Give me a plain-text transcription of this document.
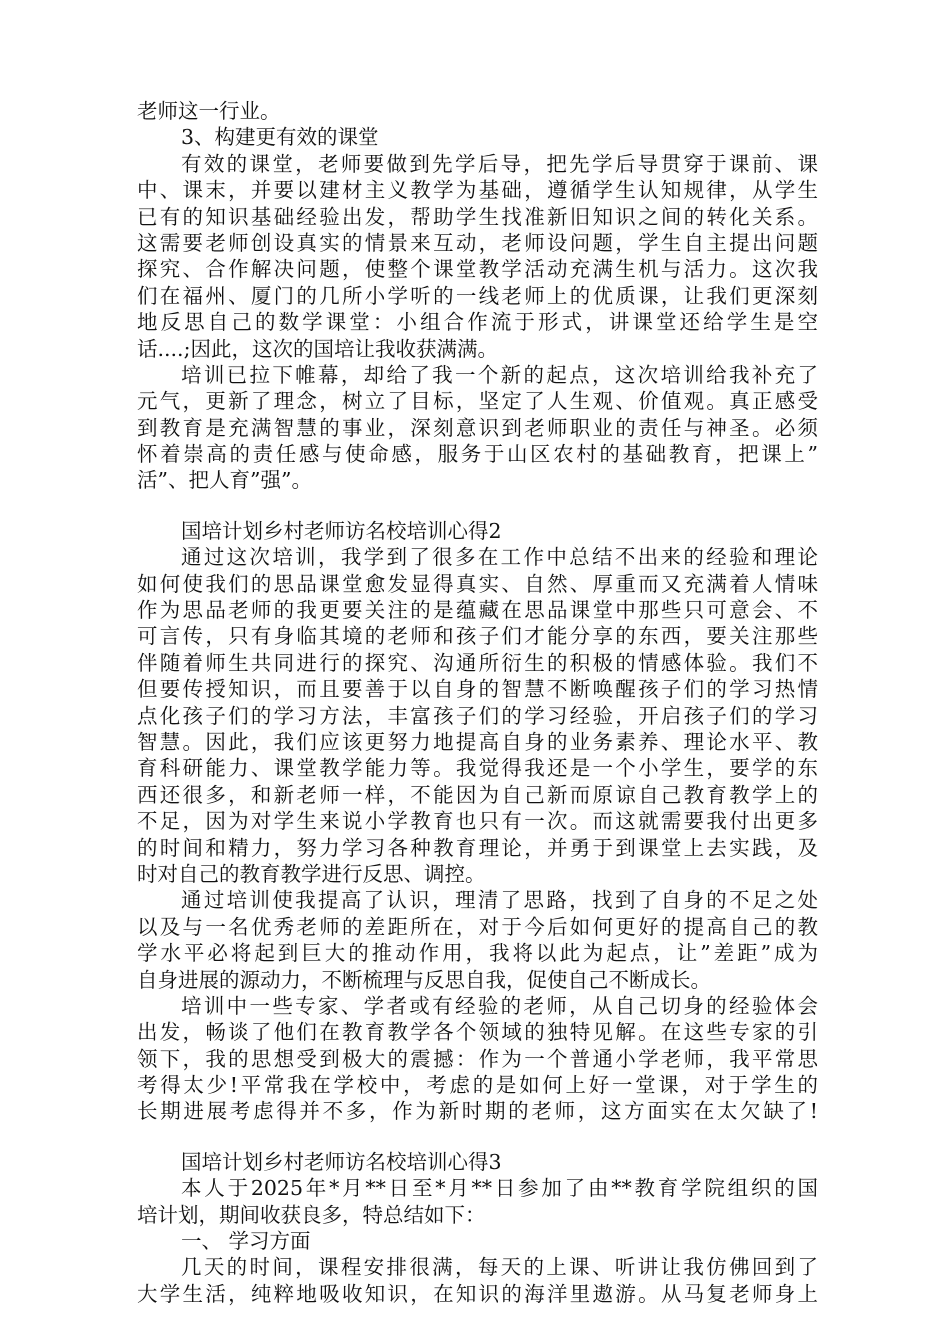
老师这一行业。

3、构建更有效的课堂

有效的课堂，老师要做到先学后导，把先学后导贯穿于课前、课

中、课末，并要以建材主义教学为基础，遵循学生认知规律，从学生

已有的知识基础经验出发，帮助学生找准新旧知识之间的转化关系。

这需要老师创设真实的情景来互动，老师设问题，学生自主提出问题

探究、合作解决问题，使整个课堂教学活动充满生机与活力。这次我

们在福州、厦门的几所小学听的一线老师上的优质课，让我们更深刻

地反思自己的数学课堂：小组合作流于形式，讲课堂还给学生是空

话....;因此，这次的国培让我收获满满。

培训已拉下帷幕，却给了我一个新的起点，这次培训给我补充了

元气，更新了理念，树立了目标，坚定了人生观、价值观。真正感受

到教育是充满智慧的事业，深刻意识到老师职业的责任与神圣。必须

怀着崇高的责任感与使命感，服务于山区农村的基础教育，把课上”

活”、把人育”强”。

国培计划乡村老师访名校培训心得2

通过这次培训，我学到了很多在工作中总结不出来的经验和理论

如何使我们的思品课堂愈发显得真实、自然、厚重而又充满着人情味

作为思品老师的我更要关注的是蕴藏在思品课堂中那些只可意会、不

可言传，只有身临其境的老师和孩子们才能分享的东西，要关注那些

伴随着师生共同进行的探究、沟通所衍生的积极的情感体验。我们不

但要传授知识，而且要善于以自身的智慧不断唤醒孩子们的学习热情

点化孩子们的学习方法，丰富孩子们的学习经验，开启孩子们的学习

智慧。因此，我们应该更努力地提高自身的业务素养、理论水平、教

育科研能力、课堂教学能力等。我觉得我还是一个小学生，要学的东

西还很多，和新老师一样，不能因为自己新而原谅自己教育教学上的

不足，因为对学生来说小学教育也只有一次。而这就需要我付出更多

的时间和精力，努力学习各种教育理论，并勇于到课堂上去实践，及

时对自己的教育教学进行反思、调控。

通过培训使我提高了认识，理清了思路，找到了自身的不足之处

以及与一名优秀老师的差距所在，对于今后如何更好的提高自己的教

学水平必将起到巨大的推动作用，我将以此为起点，让”差距”成为

自身进展的源动力，不断梳理与反思自我，促使自己不断成长。

培训中一些专家、学者或有经验的老师，从自己切身的经验体会

出发，畅谈了他们在教育教学各个领域的独特见解。在这些专家的引

领下，我的思想受到极大的震撼：作为一个普通小学老师，我平常思

考得太少!平常我在学校中，考虑的是如何上好一堂课，对于学生的

长期进展考虑得并不多，作为新时期的老师，这方面实在太欠缺了!

国培计划乡村老师访名校培训心得3

本人于2025年*月**日至*月**日参加了由**教育学院组织的国

培计划，期间收获良多，特总结如下：

一、 学习方面

几天的时间，课程安排很满，每天的上课、听讲让我仿佛回到了

大学生活，纯粹地吸收知识，在知识的海洋里遨游。从马复老师身上
